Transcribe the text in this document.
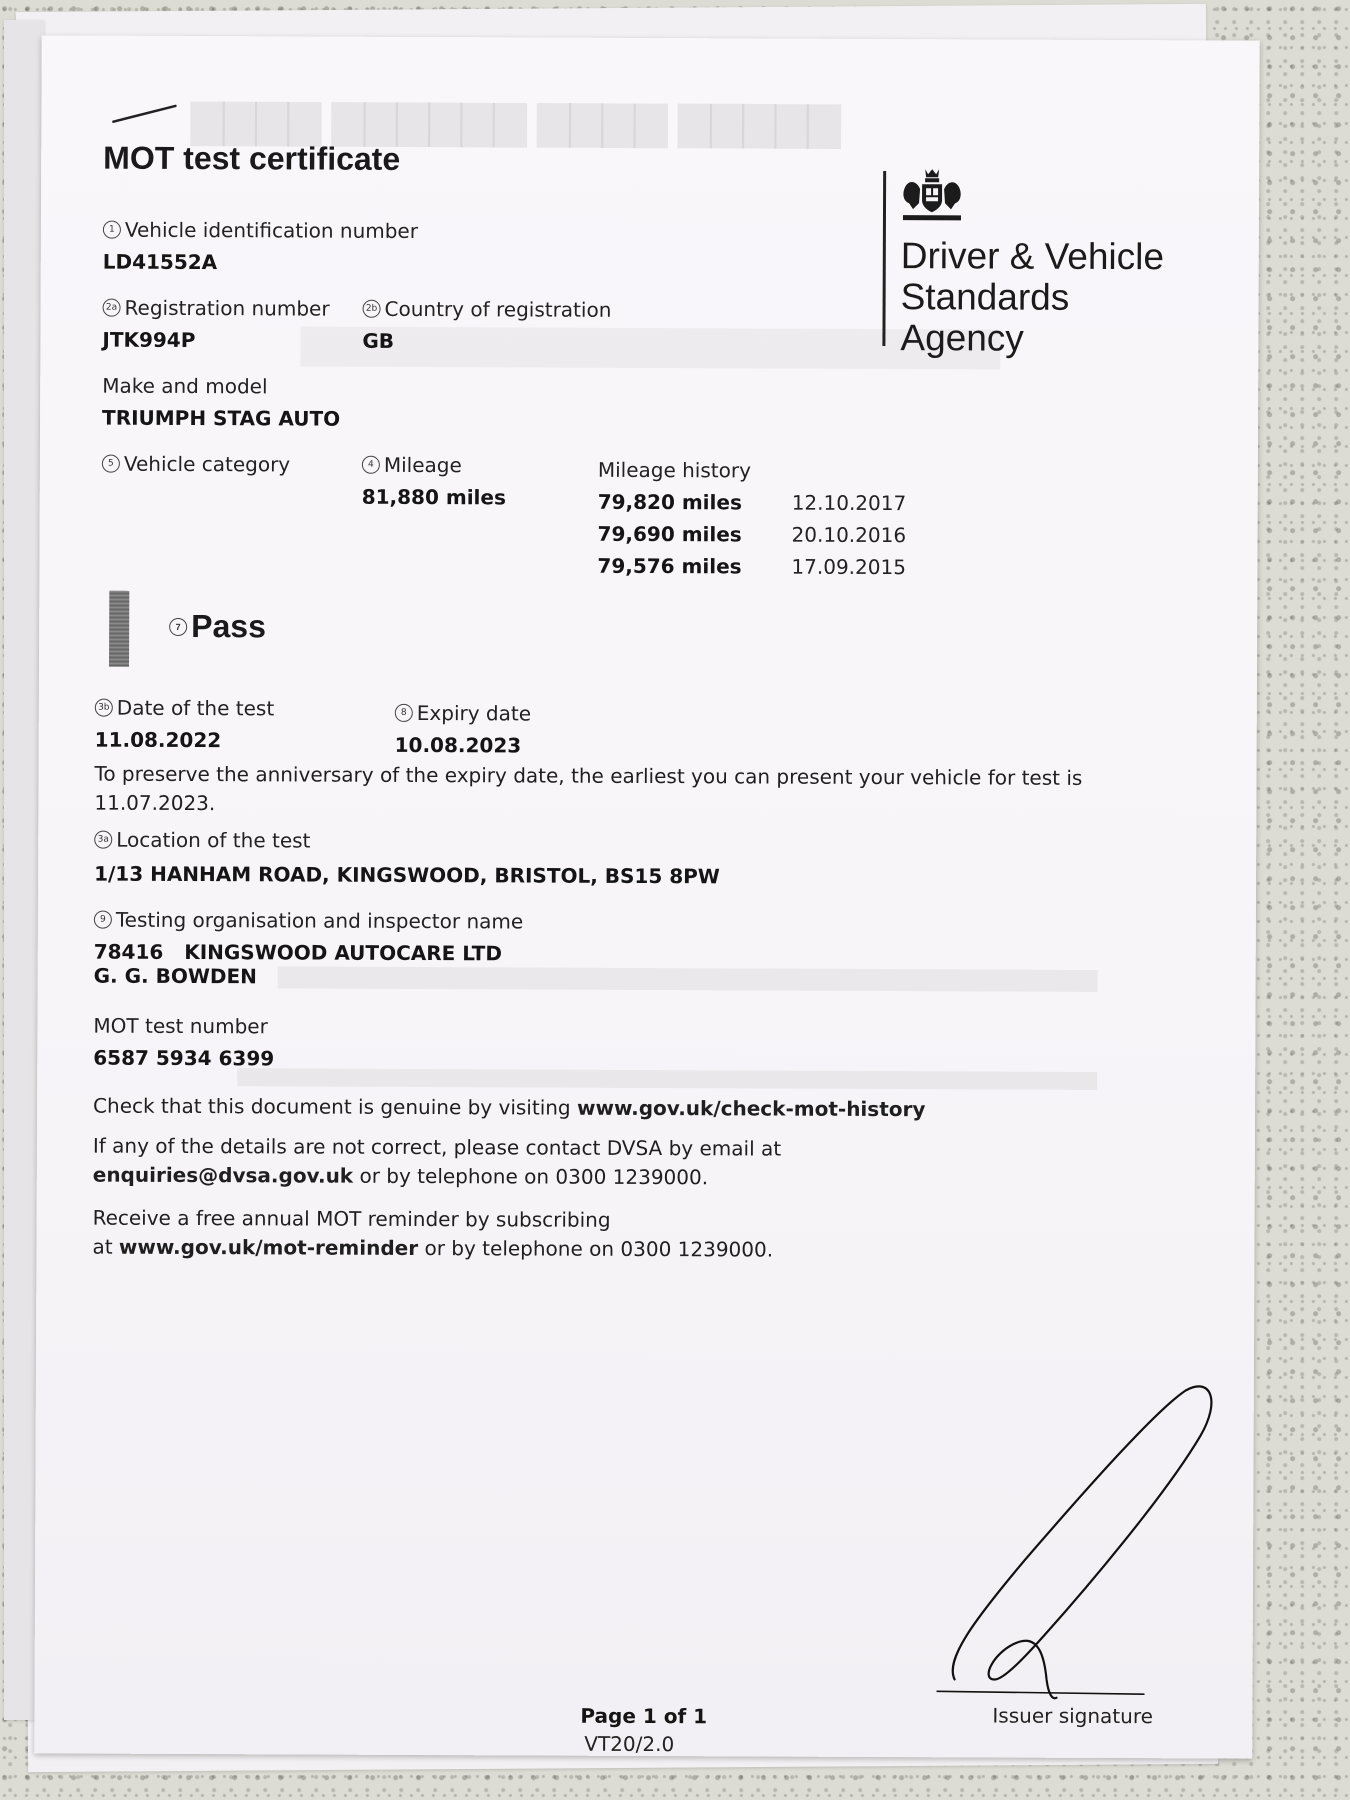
▇▇▇▇▇ ▇▇▇▇ ▇▇▇▇▇▇ ▇▇▇▇
MOT test certificate
1 Vehicle identification number
LD41552A
2a Registration number
JTK994P
2b Country of registration
GB
Make and model
TRIUMPH STAG AUTO
5 Vehicle category	4 Mileage
81,880 miles
Mileage history
79,820 miles 12.10.2017
79,690 miles 20.10.2016
79,576 miles 17.09.2015
Driver & Vehicle Standards Agency
7 Pass
3b Date of the test
11.08.2022
8 Expiry date
10.08.2023
To preserve the anniversary of the expiry date, the earliest you can present your vehicle for test is
11.07.2023.
3a Location of the test
1/13 HANHAM ROAD, KINGSWOOD, BRISTOL, BS15 8PW
9 Testing organisation and inspector name
78416   KINGSWOOD AUTOCARE LTD
G. G. BOWDEN
MOT test number
6587 5934 6399
Check that this document is genuine by visiting www.gov.uk/check-mot-history
If any of the details are not correct, please contact DVSA by email at
enquiries@dvsa.gov.uk or by telephone on 0300 1239000.
Receive a free annual MOT reminder by subscribing
at www.gov.uk/mot-reminder or by telephone on 0300 1239000.
Issuer signature
Page 1 of 1
VT20/2.0
